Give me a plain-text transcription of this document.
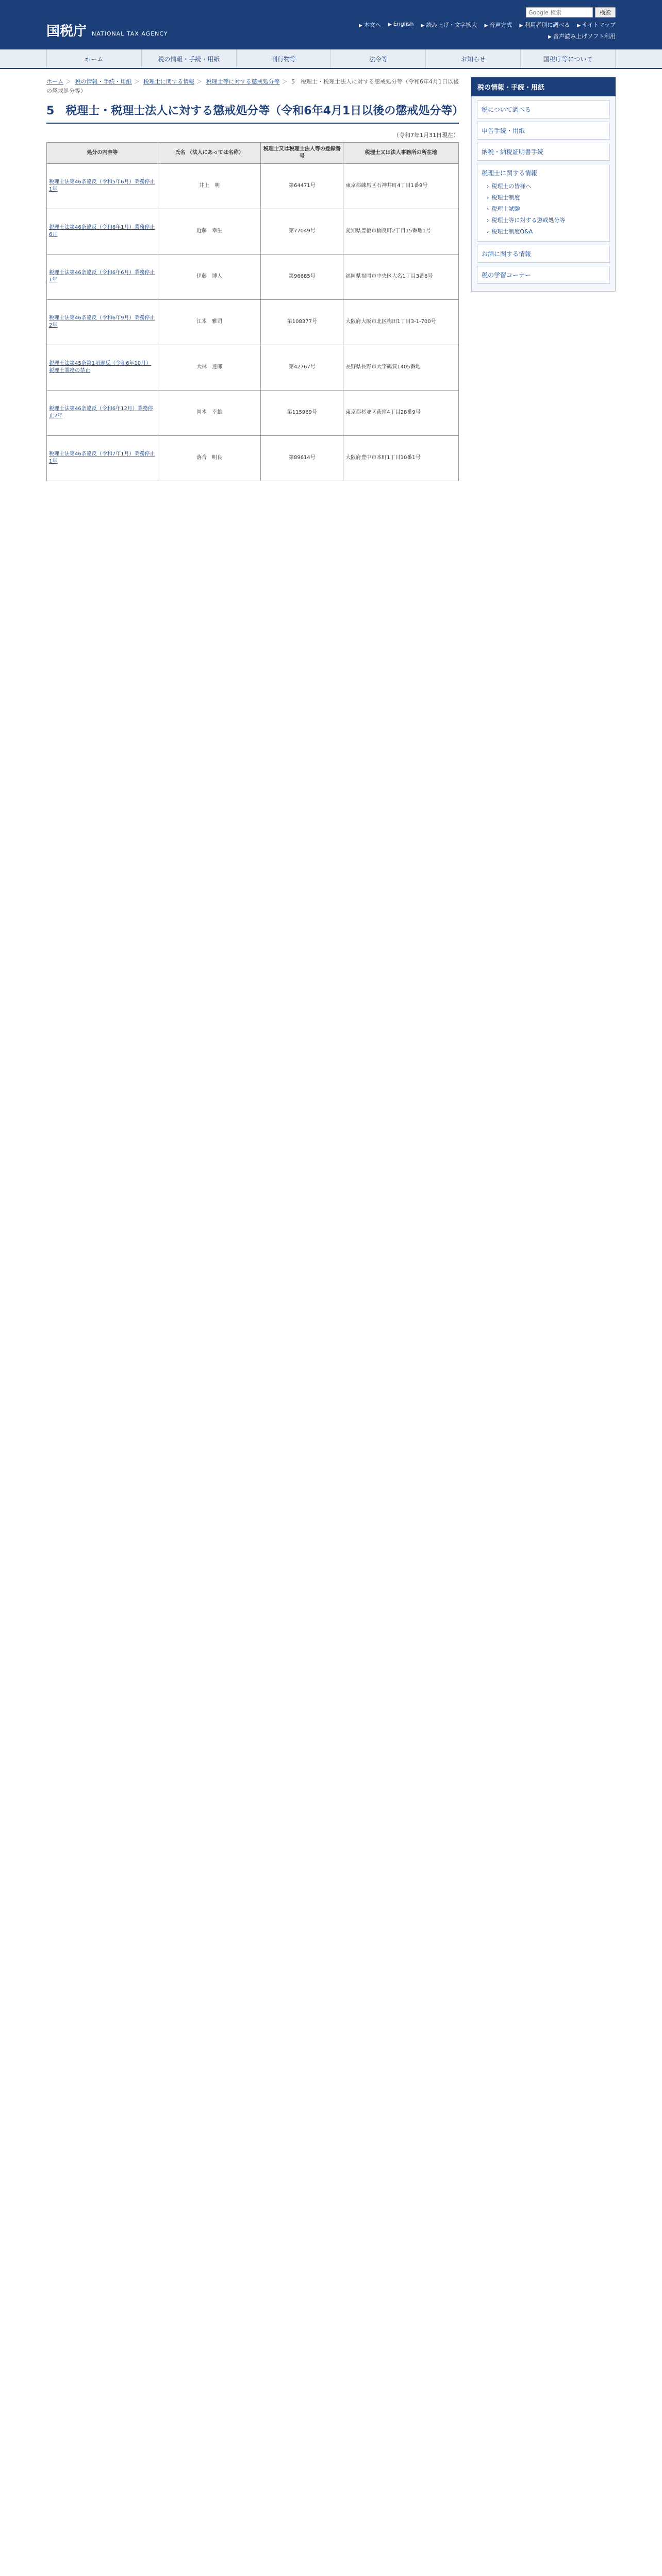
国税庁 NATIONAL TAX AGENCY
Google 検索
検索
▶ 本文へ ▶ English ▶ 読み上げ・文字拡大 ▶ 音声方式 ▶ 利用者別に調べる ▶ サイトマップ
▶ 音声読み上げソフト利用
ホーム	税の情報・手続・用紙	刊行物等	法令等	お知らせ	国税庁等について
ホーム ＞ 税の情報・手続・用紙 ＞ 税理士に関する情報 ＞ 税理士等に対する懲戒処分等 ＞ 5　税理士・税理士法人に対する懲戒処分等（令和6年4月1日以後の懲戒処分等）
5　税理士・税理士法人に対する懲戒処分等（令和6年4月1日以後の懲戒処分等）
（令和7年1月31日現在）
処分の内容等	氏名 （法人にあっては名称）	税理士又は税理士法人等の登録番号	税理士又は法人事務所の所在地
税理士法第46条違反（令和5年6月）業務停止1年	井上　明	第64471号	東京都練馬区石神井町4丁目1番9号
税理士法第46条違反（令和6年1月）業務停止6月	近藤　幸生	第77049号	愛知県豊橋市橋良町2丁目15番地1号
税理士法第46条違反（令和6年6月）業務停止1年	伊藤　博人	第96685号	福岡県福岡市中央区大名1丁目3番6号
税理士法第46条違反（令和6年9月）業務停止2年	江本　雅司	第108377号	大阪府大阪市北区梅田1丁目3-1-700号
税理士法第45条第1項違反（令和6年10月）税理士業務の禁止	大林　達郎	第42767号	長野県長野市大字鶴賀1405番地
税理士法第46条違反（令和6年12月）業務停止2年	岡本　幸雄	第115969号	東京都杉並区荻窪4丁目28番9号
税理士法第46条違反（令和7年1月）業務停止1年	落合　明良	第89614号	大阪府豊中市本町1丁目10番1号
税の情報・手続・用紙
税について調べる
申告手続・用紙
納税・納税証明書手続
税理士に関する情報
› 税理士の皆様へ
› 税理士制度
› 税理士試験
› 税理士等に対する懲戒処分等
› 税理士制度Q&A
お酒に関する情報
税の学習コーナー
